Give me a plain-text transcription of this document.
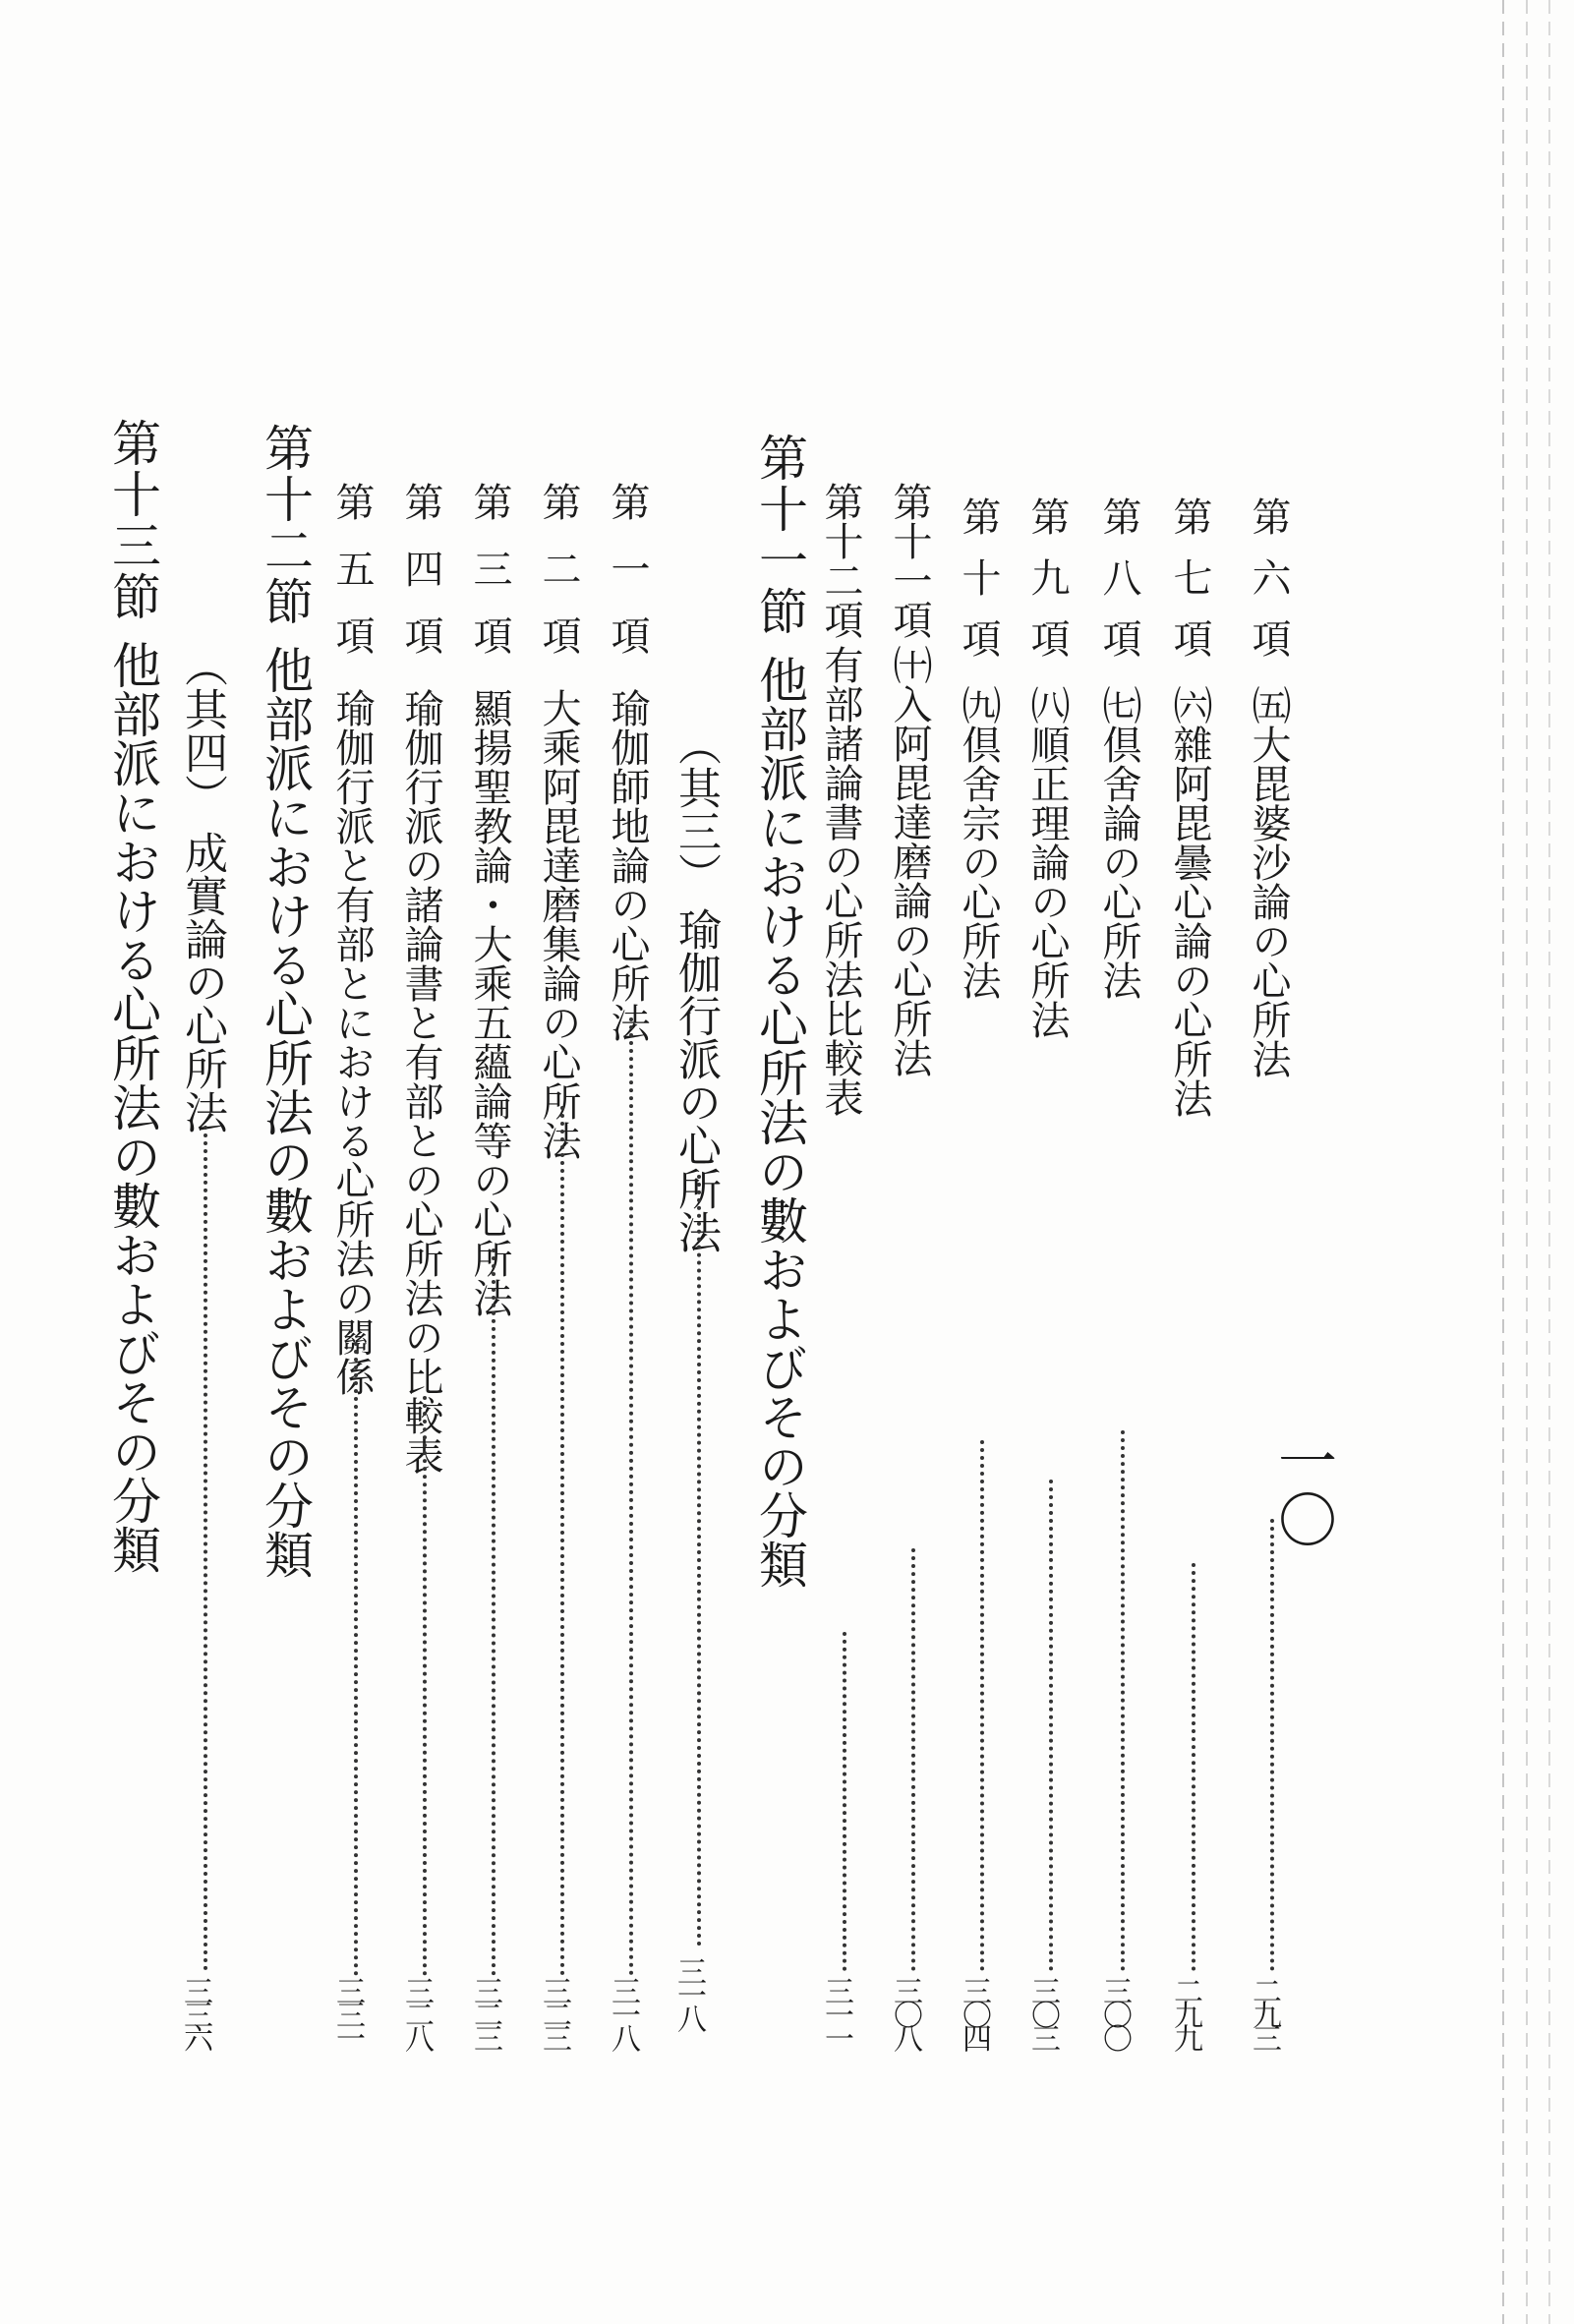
一〇
第六項㈤大毘婆沙論の心所法
二九三
第七項㈥雜阿毘曇心論の心所法
二九九
第八項㈦倶舍論の心所法
三〇〇
第九項㈧順正理論の心所法
三〇三
第十項㈨倶舍宗の心所法
三〇四
第十一項㈩入阿毘達磨論の心所法
三〇八
第十二項有部諸論書の心所法比較表
三一一
第十一節他部派における心所法の數およびその分類
（其三）瑜伽行派の心所法
三一八
第一項瑜伽師地論の心所法
三一八
第二項大乘阿毘達磨集論の心所法
三二三
第三項顯揚聖教論・大乘五蘊論等の心所法
三二三
第四項瑜伽行派の諸論書と有部との心所法の比較表
三二八
第五項瑜伽行派と有部とにおける心所法の關係
三三一
第十二節他部派における心所法の數およびその分類
（其四）成實論の心所法
三三六
第十三節他部派における心所法の數およびその分類
